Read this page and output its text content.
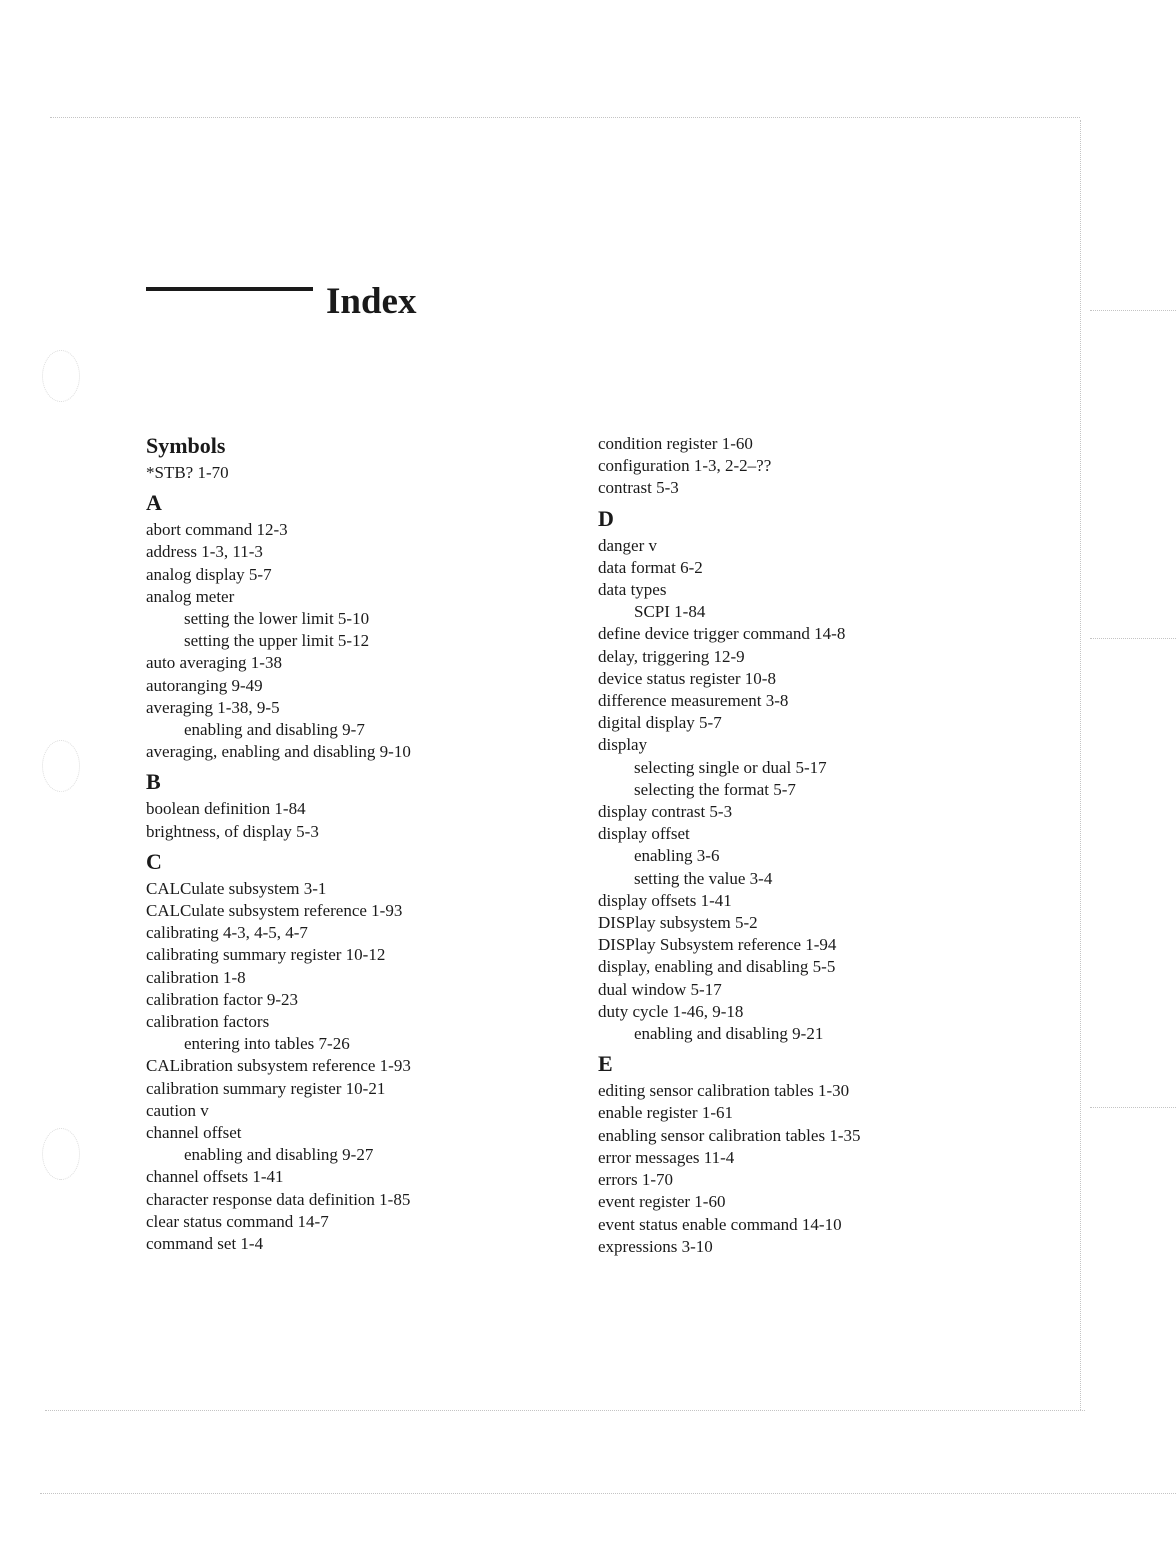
Index
Symbols
*STB? 1-70
A
abort command 12-3
address 1-3, 11-3
analog display 5-7
analog meter
setting the lower limit 5-10
setting the upper limit 5-12
auto averaging 1-38
autoranging 9-49
averaging 1-38, 9-5
enabling and disabling 9-7
averaging, enabling and disabling 9-10
B
boolean definition 1-84
brightness, of display 5-3
C
CALCulate subsystem 3-1
CALCulate subsystem reference 1-93
calibrating 4-3, 4-5, 4-7
calibrating summary register 10-12
calibration 1-8
calibration factor 9-23
calibration factors
entering into tables 7-26
CALibration subsystem reference 1-93
calibration summary register 10-21
caution v
channel offset
enabling and disabling 9-27
channel offsets 1-41
character response data definition 1-85
clear status command 14-7
command set 1-4
condition register 1-60
configuration 1-3, 2-2–??
contrast 5-3
D
danger v
data format 6-2
data types
SCPI 1-84
define device trigger command 14-8
delay, triggering 12-9
device status register 10-8
difference measurement 3-8
digital display 5-7
display
selecting single or dual 5-17
selecting the format 5-7
display contrast 5-3
display offset
enabling 3-6
setting the value 3-4
display offsets 1-41
DISPlay subsystem 5-2
DISPlay Subsystem reference 1-94
display, enabling and disabling 5-5
dual window 5-17
duty cycle 1-46, 9-18
enabling and disabling 9-21
E
editing sensor calibration tables 1-30
enable register 1-61
enabling sensor calibration tables 1-35
error messages 11-4
errors 1-70
event register 1-60
event status enable command 14-10
expressions 3-10
